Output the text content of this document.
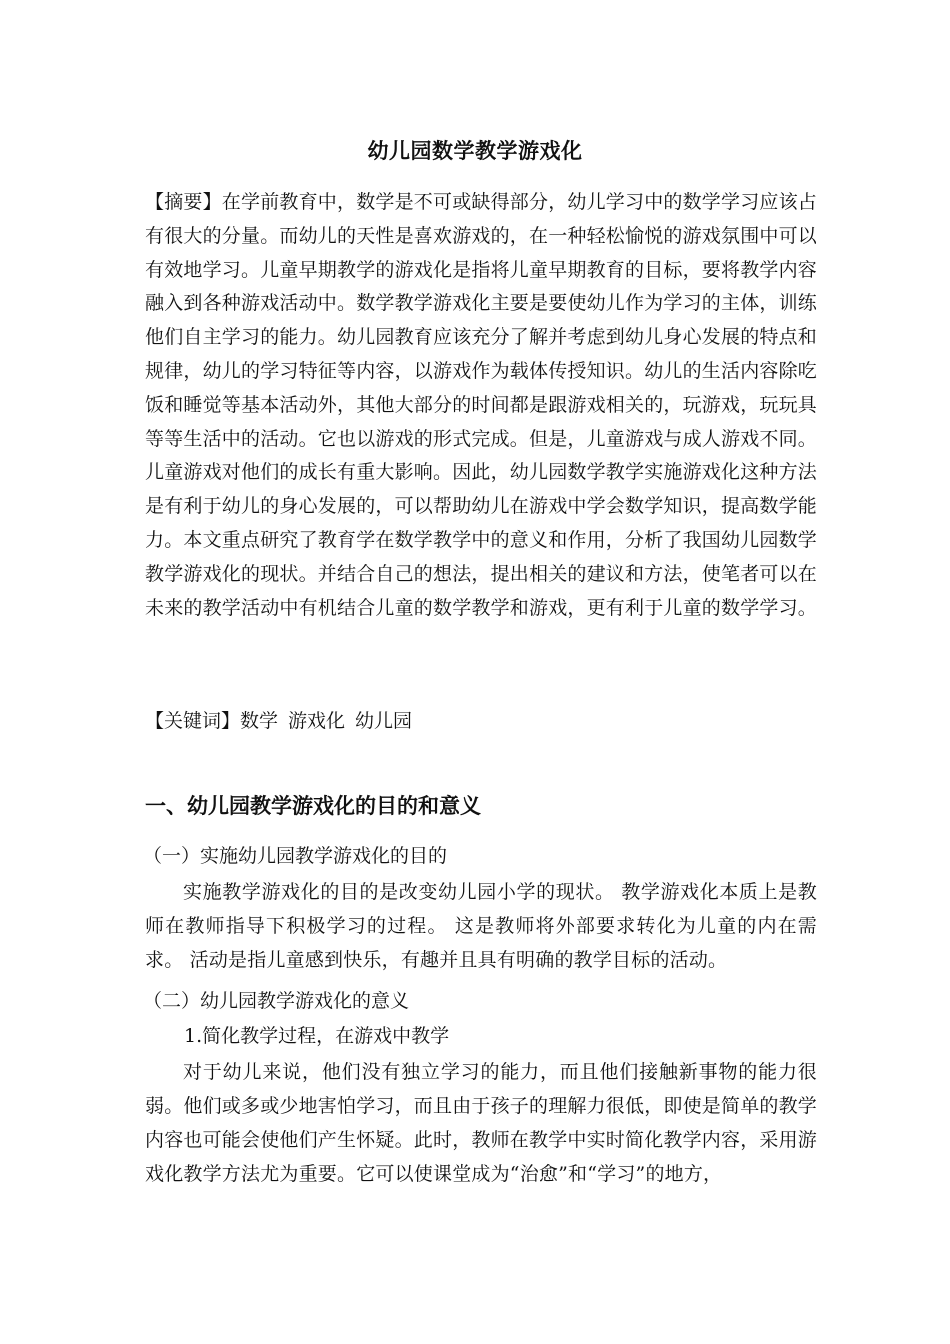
幼儿园数学教学游戏化
【摘要】在学前教育中，数学是不可或缺得部分，幼儿学习中的数学学习应该占有很大的分量。而幼儿的天性是喜欢游戏的，在一种轻松愉悦的游戏氛围中可以有效地学习。儿童早期教学的游戏化是指将儿童早期教育的目标，要将教学内容融入到各种游戏活动中。数学教学游戏化主要是要使幼儿作为学习的主体，训练他们自主学习的能力。幼儿园教育应该充分了解并考虑到幼儿身心发展的特点和规律，幼儿的学习特征等内容，以游戏作为载体传授知识。幼儿的生活内容除吃饭和睡觉等基本活动外，其他大部分的时间都是跟游戏相关的，玩游戏，玩玩具等等生活中的活动。它也以游戏的形式完成。但是，儿童游戏与成人游戏不同。儿童游戏对他们的成长有重大影响。因此，幼儿园数学教学实施游戏化这种方法是有利于幼儿的身心发展的，可以帮助幼儿在游戏中学会数学知识，提高数学能力。本文重点研究了教育学在数学教学中的意义和作用，分析了我国幼儿园数学教学游戏化的现状。并结合自己的想法，提出相关的建议和方法，使笔者可以在未来的教学活动中有机结合儿童的数学教学和游戏，更有利于儿童的数学学习。
【关键词】数学 游戏化 幼儿园
一、幼儿园教学游戏化的目的和意义
（一）实施幼儿园教学游戏化的目的
实施教学游戏化的目的是改变幼儿园小学的现状。 教学游戏化本质上是教师在教师指导下积极学习的过程。 这是教师将外部要求转化为儿童的内在需求。 活动是指儿童感到快乐，有趣并且具有明确的教学目标的活动。
（二）幼儿园教学游戏化的意义
1.简化教学过程，在游戏中教学
对于幼儿来说，他们没有独立学习的能力，而且他们接触新事物的能力很弱。他们或多或少地害怕学习，而且由于孩子的理解力很低，即使是简单的教学内容也可能会使他们产生怀疑。此时，教师在教学中实时简化教学内容，采用游戏化教学方法尤为重要。它可以使课堂成为“治愈”和“学习”的地方，
